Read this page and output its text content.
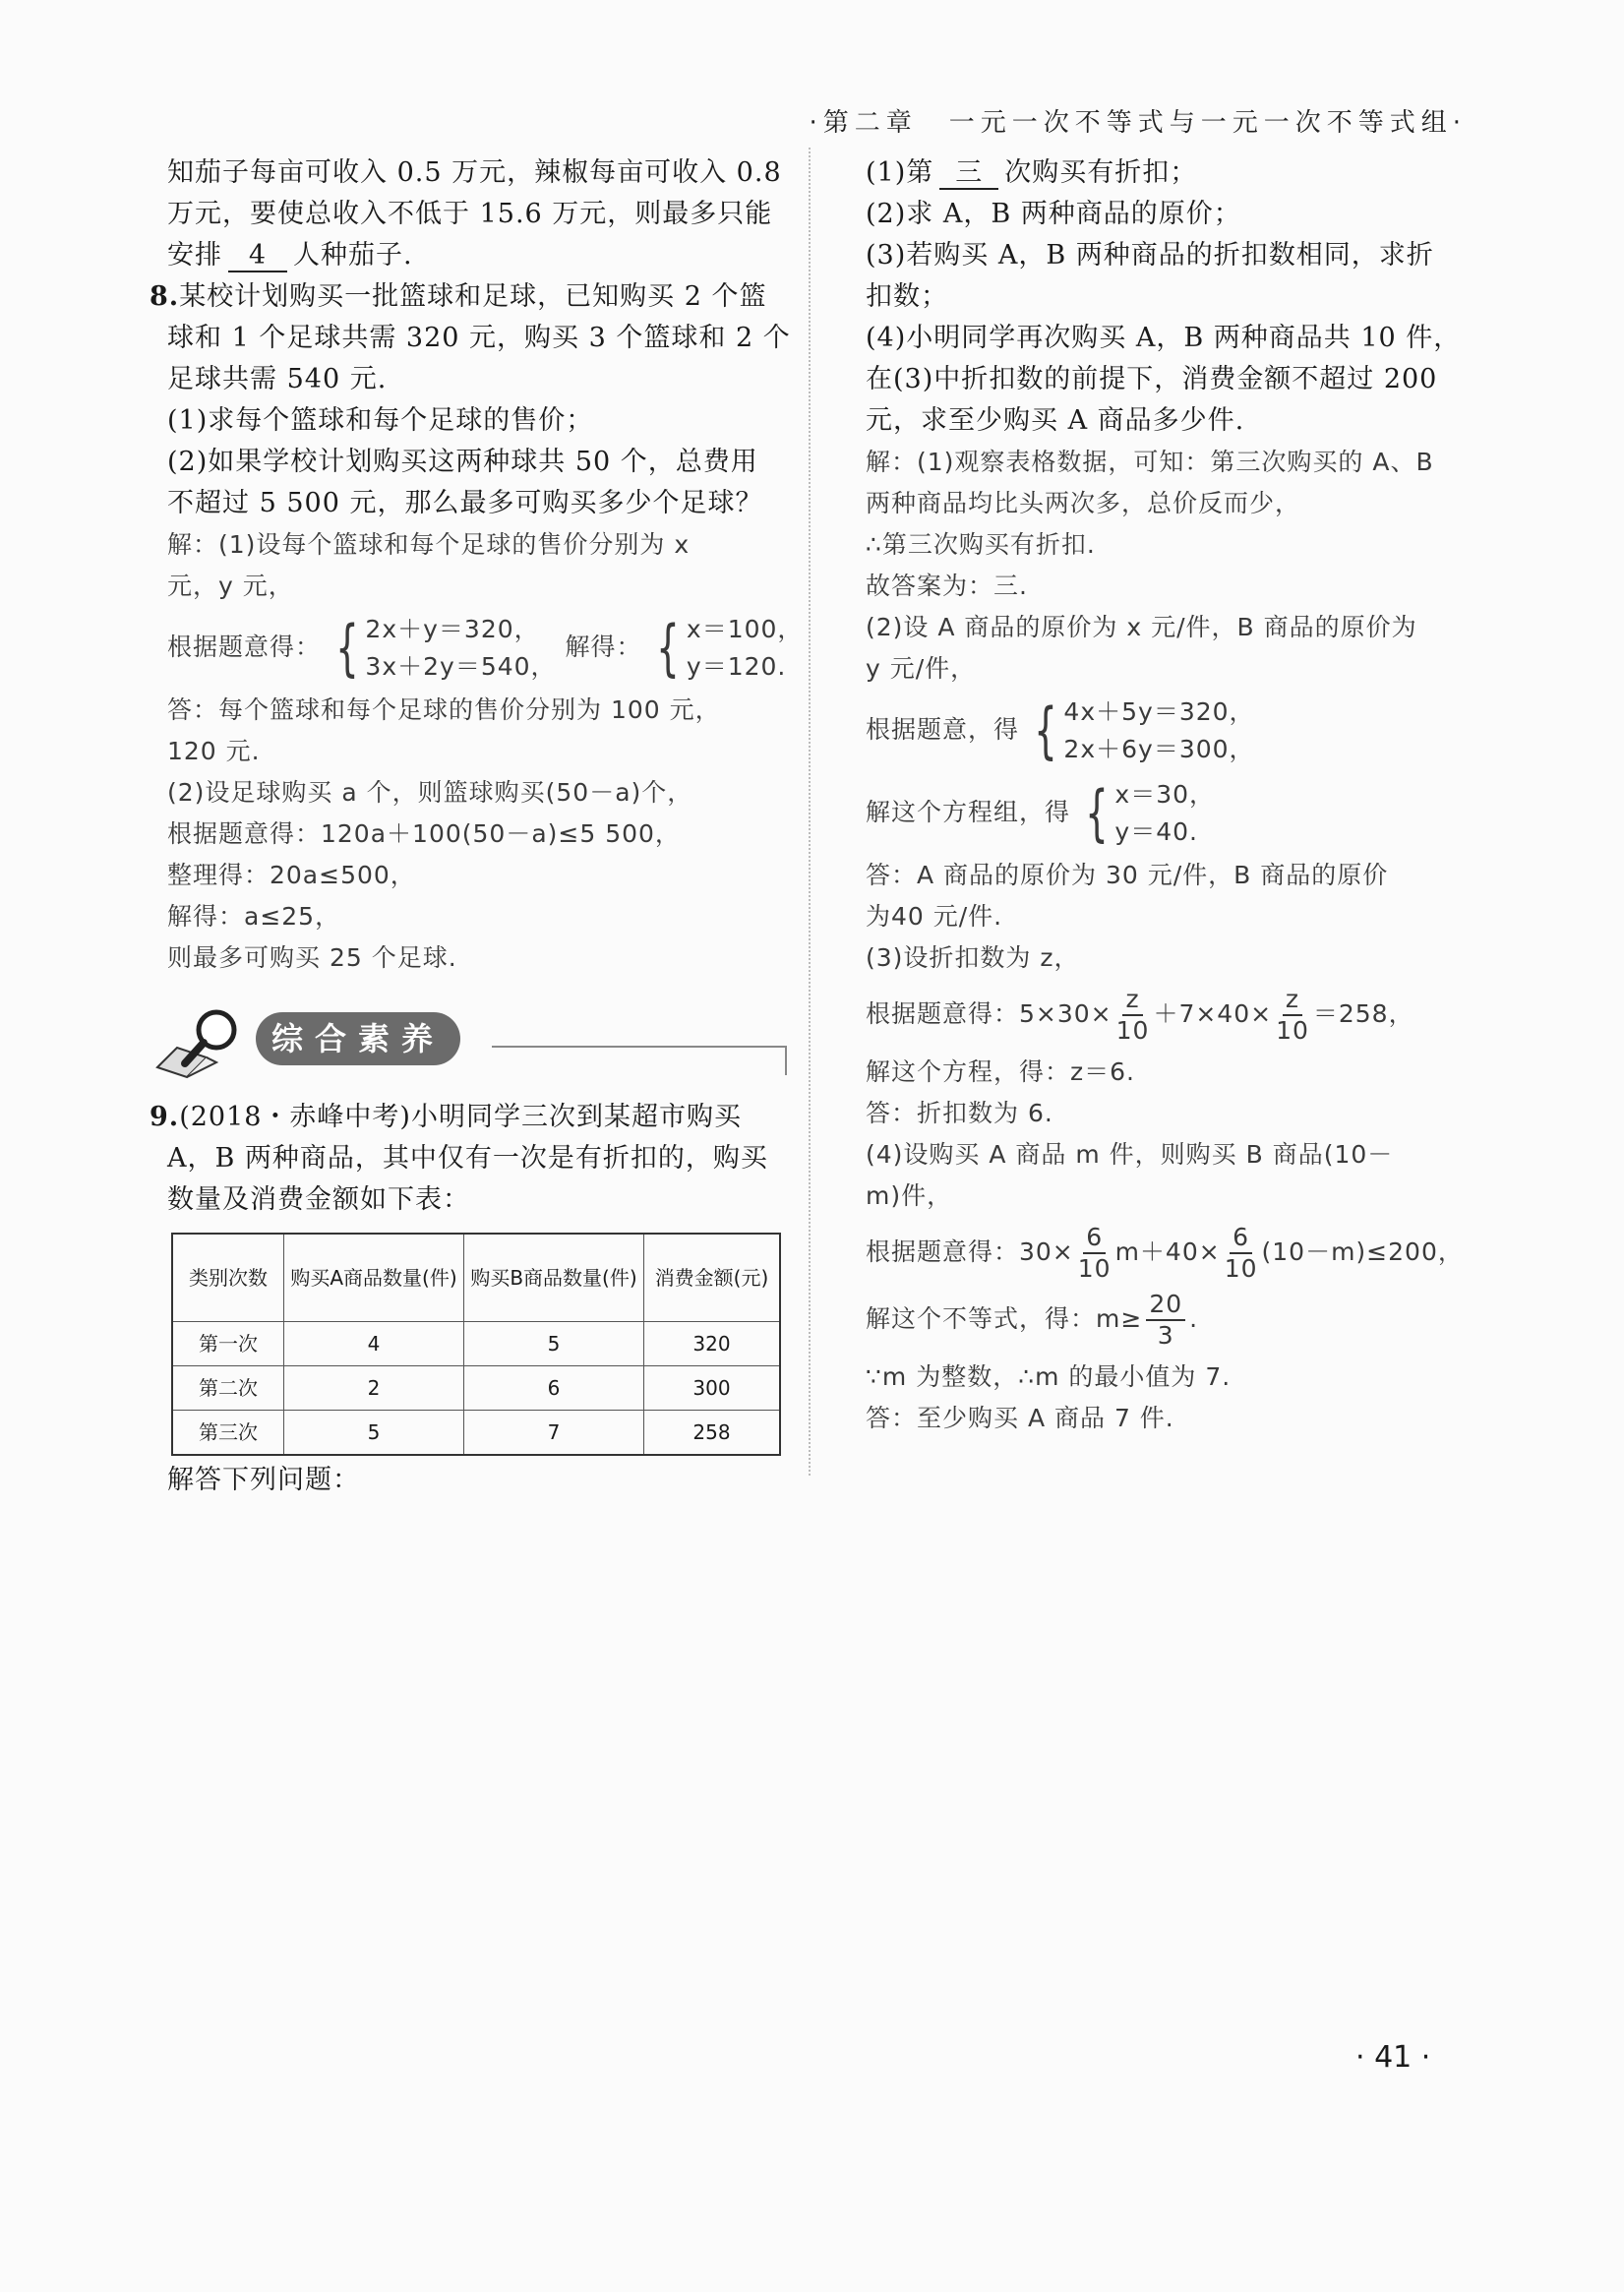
·第二章　一元一次不等式与一元一次不等式组·
知茄子每亩可收入 0.5 万元，辣椒每亩可收入 0.8
万元，要使总收入不低于 15.6 万元，则最多只能
安排 4 人种茄子.
8.某校计划购买一批篮球和足球，已知购买 2 个篮
球和 1 个足球共需 320 元，购买 3 个篮球和 2 个
足球共需 540 元.
(1)求每个篮球和每个足球的售价；
(2)如果学校计划购买这两种球共 50 个，总费用
不超过 5 500 元，那么最多可购买多少个足球？
解：(1)设每个篮球和每个足球的售价分别为 x
元，y 元，
根据题意得： { 2x＋y＝320，
3x＋2y＝540，
解得： { x＝100，
y＝120.
答：每个篮球和每个足球的售价分别为 100 元，
120 元.
(2)设足球购买 a 个，则篮球购买(50－a)个，
根据题意得：120a＋100(50－a)≤5 500，
整理得：20a≤500，
解得：a≤25，
则最多可购买 25 个足球.
综合素养
9.(2018・赤峰中考)小明同学三次到某超市购买
A，B 两种商品，其中仅有一次是有折扣的，购买
数量及消费金额如下表：
类别次数	购买A商品数量(件)	购买B商品数量(件)	消费金额(元)
第一次	4	5	320
第二次	2	6	300
第三次	5	7	258
解答下列问题：
(1)第 三 次购买有折扣；
(2)求 A，B 两种商品的原价；
(3)若购买 A，B 两种商品的折扣数相同，求折
扣数；
(4)小明同学再次购买 A，B 两种商品共 10 件，
在(3)中折扣数的前提下，消费金额不超过 200
元，求至少购买 A 商品多少件.
解：(1)观察表格数据，可知：第三次购买的 A、B
两种商品均比头两次多，总价反而少，
∴第三次购买有折扣.
故答案为：三.
(2)设 A 商品的原价为 x 元/件，B 商品的原价为
y 元/件，
根据题意，得 { 4x＋5y＝320，
2x＋6y＝300，
解这个方程组，得 { x＝30，
y＝40.
答：A 商品的原价为 30 元/件，B 商品的原价
为40 元/件.
(3)设折扣数为 z，
根据题意得：$5\times 30\times \frac{z}{10} +7\times 40\times \frac{z}{10} =258$，
解这个方程，得：z＝6.
答：折扣数为 6.
(4)设购买 A 商品 m 件，则购买 B 商品(10－
m)件，
根据题意得：$30\times \frac{6}{10} m+40\times \frac{6}{10} (10-m)\le 200$，
解这个不等式，得：$m\ge \frac{20}{3}$ .
∵m 为整数，∴m 的最小值为 7.
答：至少购买 A 商品 7 件.
· 41 ·
